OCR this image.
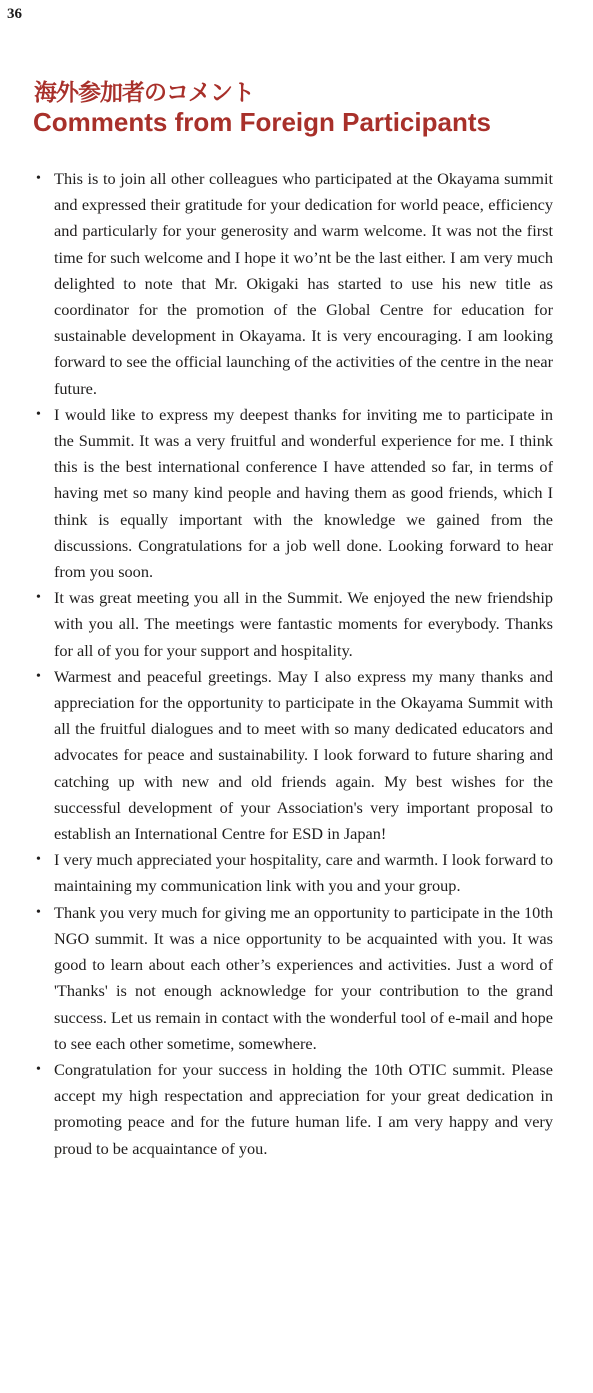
36
海外参加者のコメント
Comments from Foreign Participants
• This is to join all other colleagues who participated at the Okayama summit and expressed their gratitude for your dedication for world peace, efficiency and particularly for your generosity and warm welcome. It was not the first time for such welcome and I hope it wo’nt be the last either. I am very much delighted to note that Mr. Okigaki has started to use his new title as coordinator for the promotion of the Global Centre for education for sustainable development in Okayama. It is very encouraging. I am looking forward to see the official launching of the activities of the centre in the near future.
• I would like to express my deepest thanks for inviting me to participate in the Summit. It was a very fruitful and wonderful experience for me. I think this is the best international conference I have attended so far, in terms of having met so many kind people and having them as good friends, which I think is equally important with the knowledge we gained from the discussions. Congratulations for a job well done. Looking forward to hear from you soon.
• It was great meeting you all in the Summit. We enjoyed the new friendship with you all. The meetings were fantastic moments for everybody. Thanks for all of you for your support and hospitality.
• Warmest and peaceful greetings. May I also express my many thanks and appreciation for the opportunity to participate in the Okayama Summit with all the fruitful dialogues and to meet with so many dedicated educators and advocates for peace and sustainability. I look forward to future sharing and catching up with new and old friends again. My best wishes for the successful development of your Association's very important proposal to establish an International Centre for ESD in Japan!
• I very much appreciated your hospitality, care and warmth. I look forward to maintaining my communication link with you and your group.
• Thank you very much for giving me an opportunity to participate in the 10th NGO summit. It was a nice opportunity to be acquainted with you. It was good to learn about each other’s experiences and activities. Just a word of 'Thanks' is not enough acknowledge for your contribution to the grand success. Let us remain in contact with the wonderful tool of e-mail and hope to see each other sometime, somewhere.
• Congratulation for your success in holding the 10th OTIC summit. Please accept my high respectation and appreciation for your great dedication in promoting peace and for the future human life. I am very happy and very proud to be acquaintance of you.
